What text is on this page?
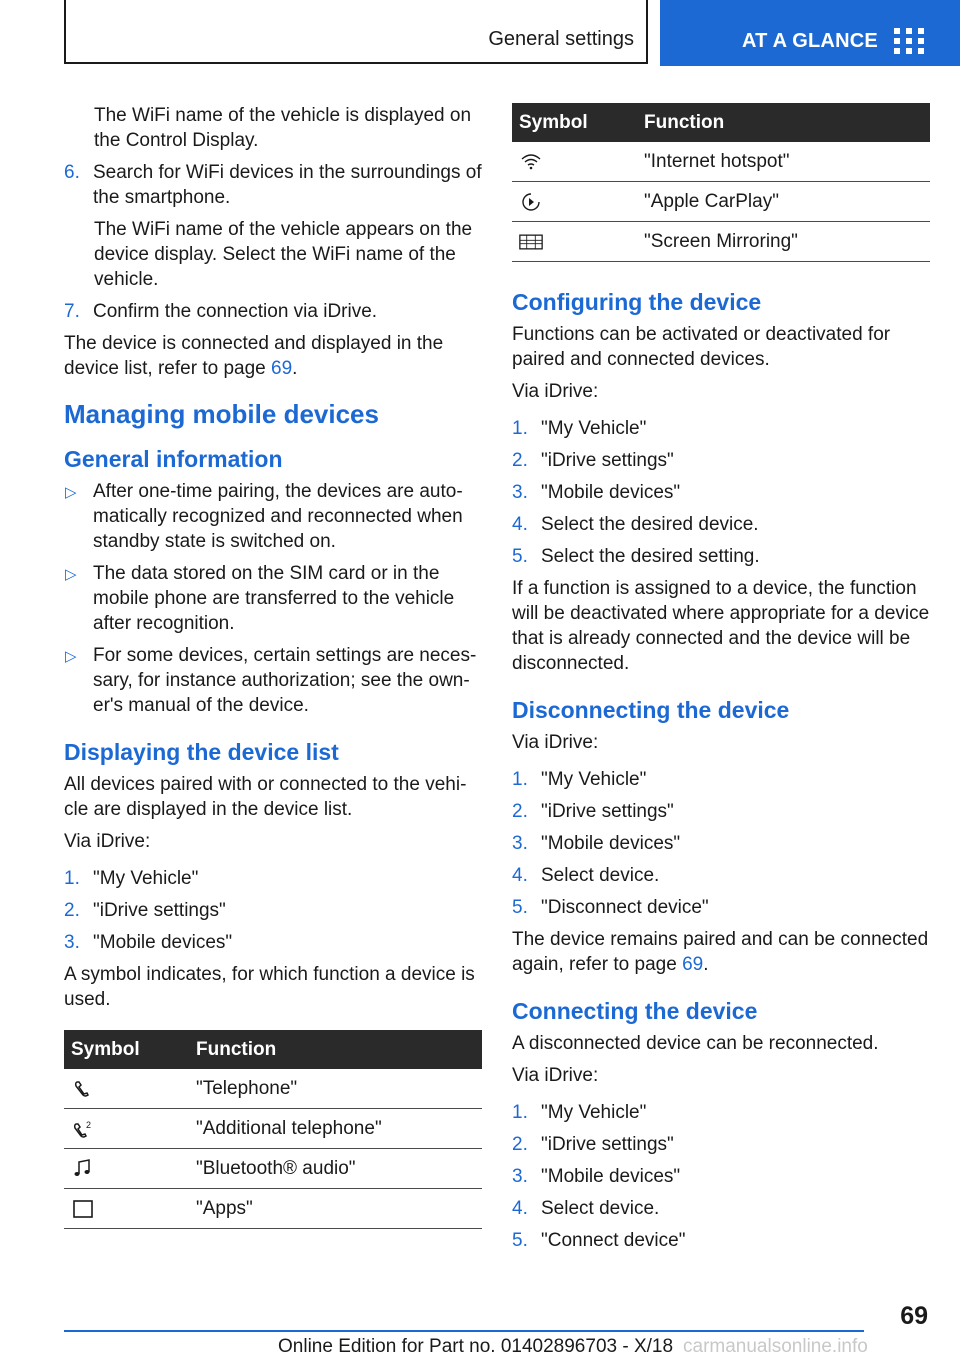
General settings	AT A GLANCE

The WiFi name of the vehicle is displayed on the Control Display.

6. Search for WiFi devices in the surroundings of the smartphone.

The WiFi name of the vehicle appears on the device display. Select the WiFi name of the vehicle.

7. Confirm the connection via iDrive.

The device is connected and displayed in the device list, refer to page 69.

Managing mobile devices
General information
▷ After one-time pairing, the devices are automatically recognized and reconnected when standby state is switched on.
▷ The data stored on the SIM card or in the mobile phone are transferred to the vehicle after recognition.
▷ For some devices, certain settings are necessary, for instance authorization; see the owner's manual of the device.
Displaying the device list

All devices paired with or connected to the vehicle are displayed in the device list.

Via iDrive:

1. "My Vehicle"
2. "iDrive settings"
3. "Mobile devices"

A symbol indicates, for which function a device is used.

Symbol	Function
	"Telephone"

2	"Additional telephone"
	"Bluetooth® audio"
	"Apps"
Symbol	Function
	"Internet hotspot"
	"Apple CarPlay"
	"Screen Mirroring"
Configuring the device

Functions can be activated or deactivated for paired and connected devices.

Via iDrive:

1. "My Vehicle"
2. "iDrive settings"
3. "Mobile devices"
4. Select the desired device.
5. Select the desired setting.

If a function is assigned to a device, the function will be deactivated where appropriate for a device that is already connected and the device will be disconnected.

Disconnecting the device

Via iDrive:

1. "My Vehicle"
2. "iDrive settings"
3. "Mobile devices"
4. Select device.
5. "Disconnect device"

The device remains paired and can be connected again, refer to page 69.

Connecting the device

A disconnected device can be reconnected.

Via iDrive:

1. "My Vehicle"
2. "iDrive settings"
3. "Mobile devices"
4. Select device.
5. "Connect device"
69
Online Edition for Part no. 01402896703 - X/18 carmanualsonline.info
